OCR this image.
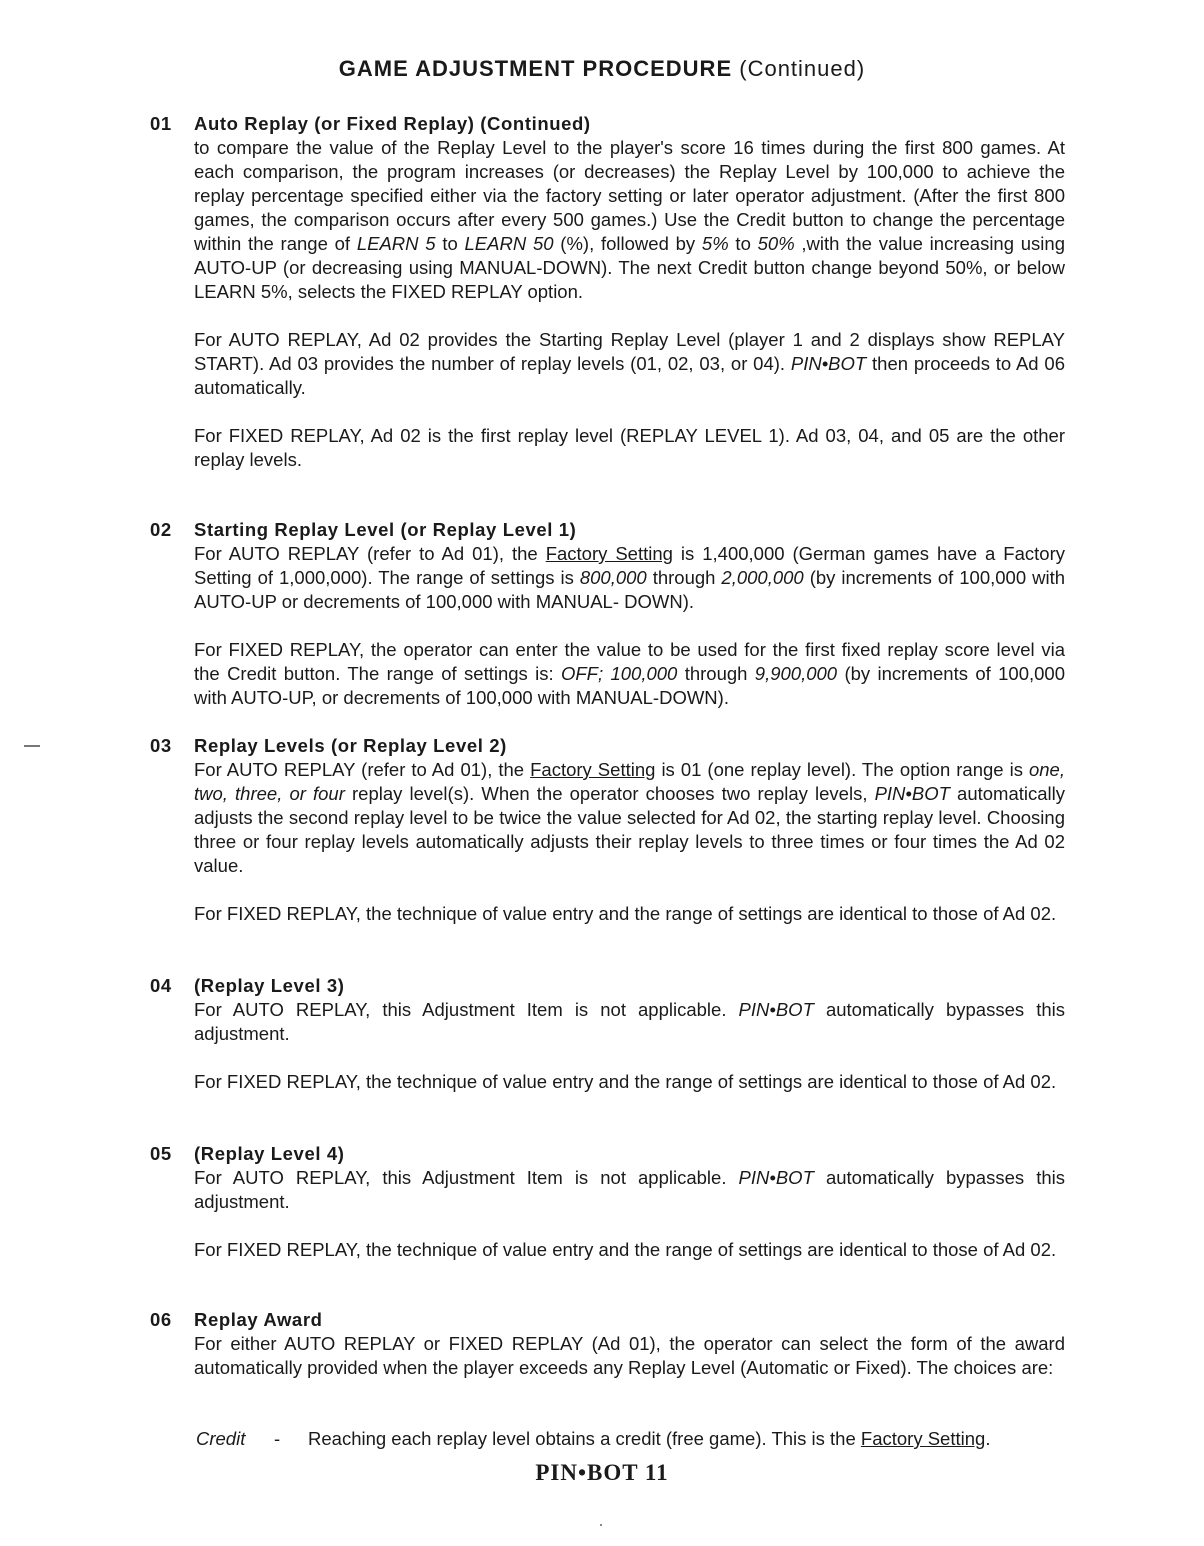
GAME ADJUSTMENT PROCEDURE (Continued)
01 Auto Replay (or Fixed Replay) (Continued)
to compare the value of the Replay Level to the player's score 16 times during the first 800 games. At each comparison, the program increases (or decreases) the Replay Level by 100,000 to achieve the replay percentage specified either via the factory setting or later operator adjustment. (After the first 800 games, the comparison occurs after every 500 games.) Use the Credit button to change the percentage within the range of LEARN 5 to LEARN 50 (%), followed by 5% to 50% ,with the value increasing using AUTO-UP (or decreasing using MANUAL-DOWN). The next Credit button change beyond 50%, or below LEARN 5%, selects the FIXED REPLAY option.
For AUTO REPLAY, Ad 02 provides the Starting Replay Level (player 1 and 2 displays show REPLAY START). Ad 03 provides the number of replay levels (01, 02, 03, or 04). PIN•BOT then proceeds to Ad 06 automatically.
For FIXED REPLAY, Ad 02 is the first replay level (REPLAY LEVEL 1). Ad 03, 04, and 05 are the other replay levels.
02 Starting Replay Level (or Replay Level 1)
For AUTO REPLAY (refer to Ad 01), the Factory Setting is 1,400,000 (German games have a Factory Setting of 1,000,000). The range of settings is 800,000 through 2,000,000 (by increments of 100,000 with AUTO-UP or decrements of 100,000 with MANUAL- DOWN).
For FIXED REPLAY, the operator can enter the value to be used for the first fixed replay score level via the Credit button. The range of settings is: OFF; 100,000 through 9,900,000 (by increments of 100,000 with AUTO-UP, or decrements of 100,000 with MANUAL-DOWN).
03 Replay Levels (or Replay Level 2)
For AUTO REPLAY (refer to Ad 01), the Factory Setting is 01 (one replay level). The option range is one, two, three, or four replay level(s). When the operator chooses two replay levels, PIN•BOT automatically adjusts the second replay level to be twice the value selected for Ad 02, the starting replay level. Choosing three or four replay levels automatically adjusts their replay levels to three times or four times the Ad 02 value.
For FIXED REPLAY, the technique of value entry and the range of settings are identical to those of Ad 02.
04 (Replay Level 3)
For AUTO REPLAY, this Adjustment Item is not applicable. PIN•BOT automatically bypasses this adjustment.
For FIXED REPLAY, the technique of value entry and the range of settings are identical to those of Ad 02.
05 (Replay Level 4)
For AUTO REPLAY, this Adjustment Item is not applicable. PIN•BOT automatically bypasses this adjustment.
For FIXED REPLAY, the technique of value entry and the range of settings are identical to those of Ad 02.
06 Replay Award
For either AUTO REPLAY or FIXED REPLAY (Ad 01), the operator can select the form of the award automatically provided when the player exceeds any Replay Level (Automatic or Fixed). The choices are:
Credit - Reaching each replay level obtains a credit (free game). This is the Factory Setting.
PIN•BOT 11
